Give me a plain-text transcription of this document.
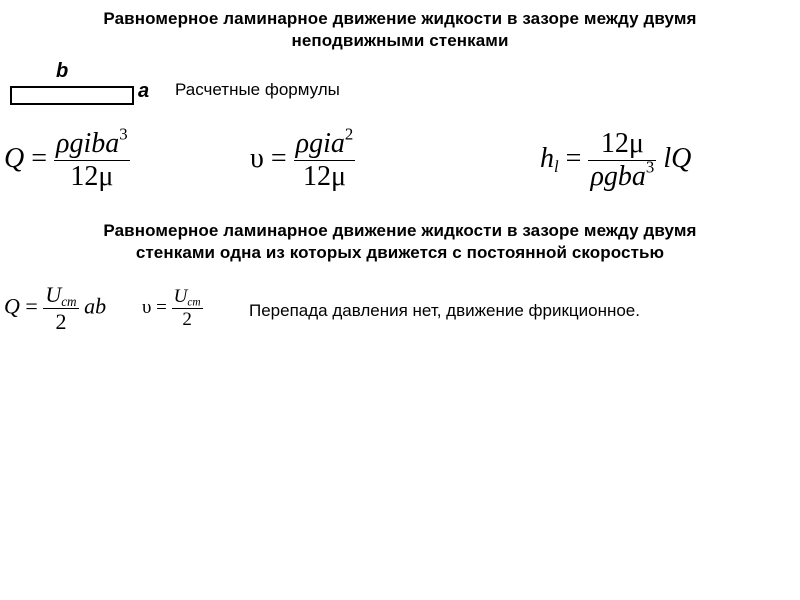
Равномерное ламинарное движение жидкости в зазоре между двумя
неподвижными стенками
b
a Расчетные формулы
$Q = \frac{\rho giba^3}{12\mu}$	$\upsilon = \frac{\rho gia^2}{12\mu}$	$h_l = \frac{12\mu}{\rho gba^3}$ lQ
Равномерное ламинарное движение жидкости в зазоре между двумя
стенками одна из которых движется с постоянной скоростью
$Q = \frac{U_{ст}}{2}$ ab $\upsilon = \frac{U_{ст}}{2}$	Перепада давления нет, движение фрикционное.
